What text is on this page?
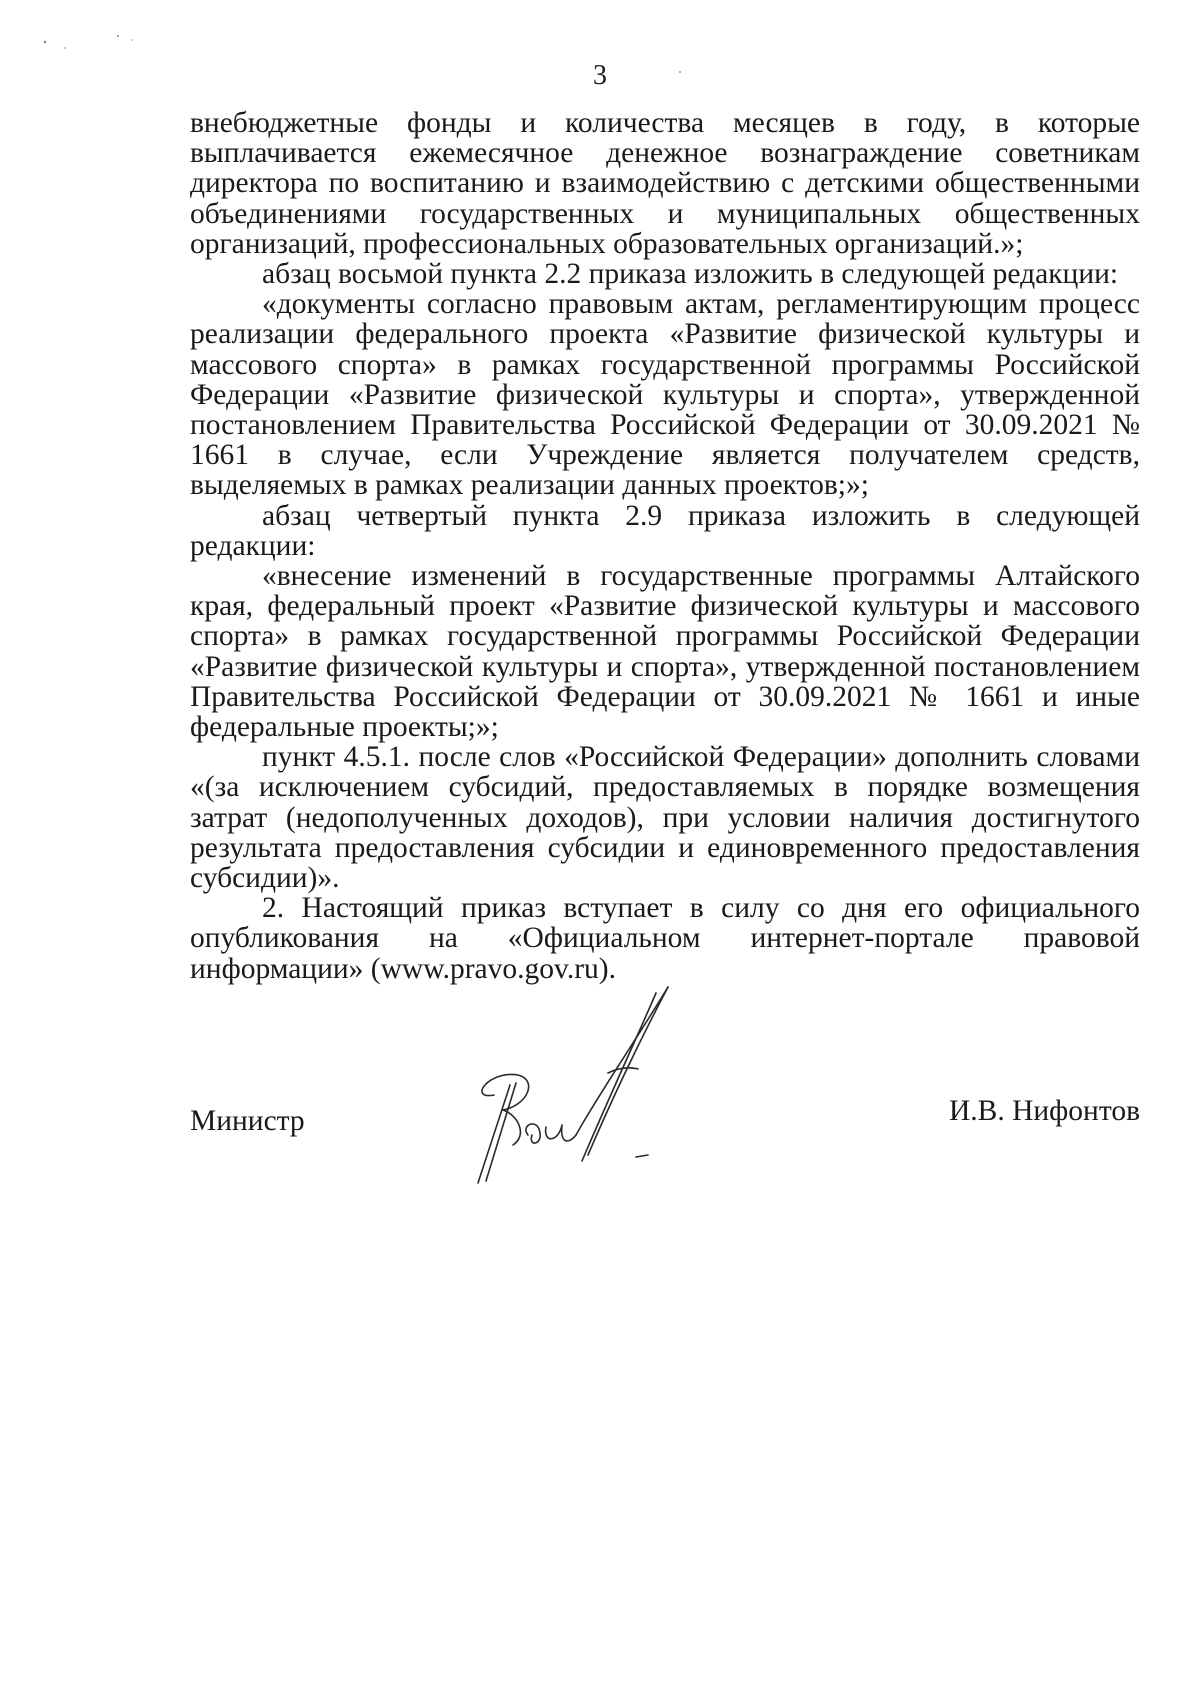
3

внебюджетные фонды и количества месяцев в году, в которые выплачивается ежемесячное денежное вознаграждение советникам директора по воспитанию и взаимодействию с детскими общественными объединениями государственных и муниципальных общественных организаций, профессиональных образовательных организаций.»;

абзац восьмой пункта 2.2 приказа изложить в следующей редакции:

«документы согласно правовым актам, регламентирующим процесс реализации федерального проекта «Развитие физической культуры и массового спорта» в рамках государственной программы Российской Федерации «Развитие физической культуры и спорта», утвержденной постановлением Правительства Российской Федерации от 30.09.2021 № 1661 в случае, если Учреждение является получателем средств, выделяемых в рамках реализации данных проектов;»;

абзац четвертый пункта 2.9 приказа изложить в следующей редакции:

«внесение изменений в государственные программы Алтайского края, федеральный проект «Развитие физической культуры и массового спорта» в рамках государственной программы Российской Федерации «Развитие физической культуры и спорта», утвержденной постановлением Правительства Российской Федерации от 30.09.2021 № 1661 и иные федеральные проекты;»;

пункт 4.5.1. после слов «Российской Федерации» дополнить словами «(за исключением субсидий, предоставляемых в порядке возмещения затрат (недополученных доходов), при условии наличия достигнутого результата предоставления субсидии и единовременного предоставления субсидии)».

2. Настоящий приказ вступает в силу со дня его официального опубликования на «Официальном интернет-портале правовой информации» (www.pravo.gov.ru).

Министр	И.В. Нифонтов
